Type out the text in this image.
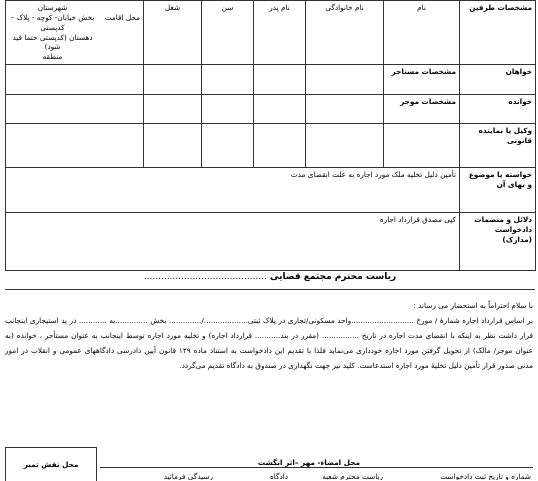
مشخصات طرفین	نام	نام خانوادگی	نام پدر	سن	شغل	محل اقامت
شهرستان
بخش خیابان- کوچه - پلاک – کدپستی
دهستان (کدپستی حتما قید شود)
منطقه

خواهان	مشخصات مستاجر					
خوانده	مشخصات موجر					
وکیل یا نماینده قانونی						
خواسته یا موضوع و بهای آن	تأمین دلیل تخلیه ملک مورد اجاره به علت انقضای مدت					
دلائل و منضمات دادخواست (مدارک)	کپی مصدق قرارداد اجاره					
ریاست محترم مجتمع قضایی ...........................................

با سلام احتراماً به استحضار می رساند :

بر اساس قرارداد اجاره شمارهٔ / مورخ ...........................واحد مسکونی/تجاری در پلاک ثبتی.................../.............. بخش ..............به ............ در ید استیجاری اینجانب قرار داشت نظر به اینکه با انقضای مدت اجاره در تاریخ ................ (مقرر در بند........... قرارداد اجاره) و تخلیه مورد اجاره توسط اینجانب به عنوان مستأجر ، خوانده (به عنوان موجر/ مالک) از تحویل گرفتن مورد اجاره خودداری می‌نماید فلذا با تقدیم این دادخواست به استناد ماده ۱۴۹ قانون آیین دادرسی دادگاههای عمومی و انقلاب در امور مدنی صدور قرار تأمین دلیل تخلیهٔ مورد اجاره استدعاست. کلید نیز جهت نگهداری در صندوق به دادگاه تقدیم می‌گردد.

محل نقش تمبر	محل امضاء- مهر –اثر انگشت
شماره و تاریخ ثبت دادخواست
ریاست محترم شعبه
دادگاه
رسیدگی فرمائید
